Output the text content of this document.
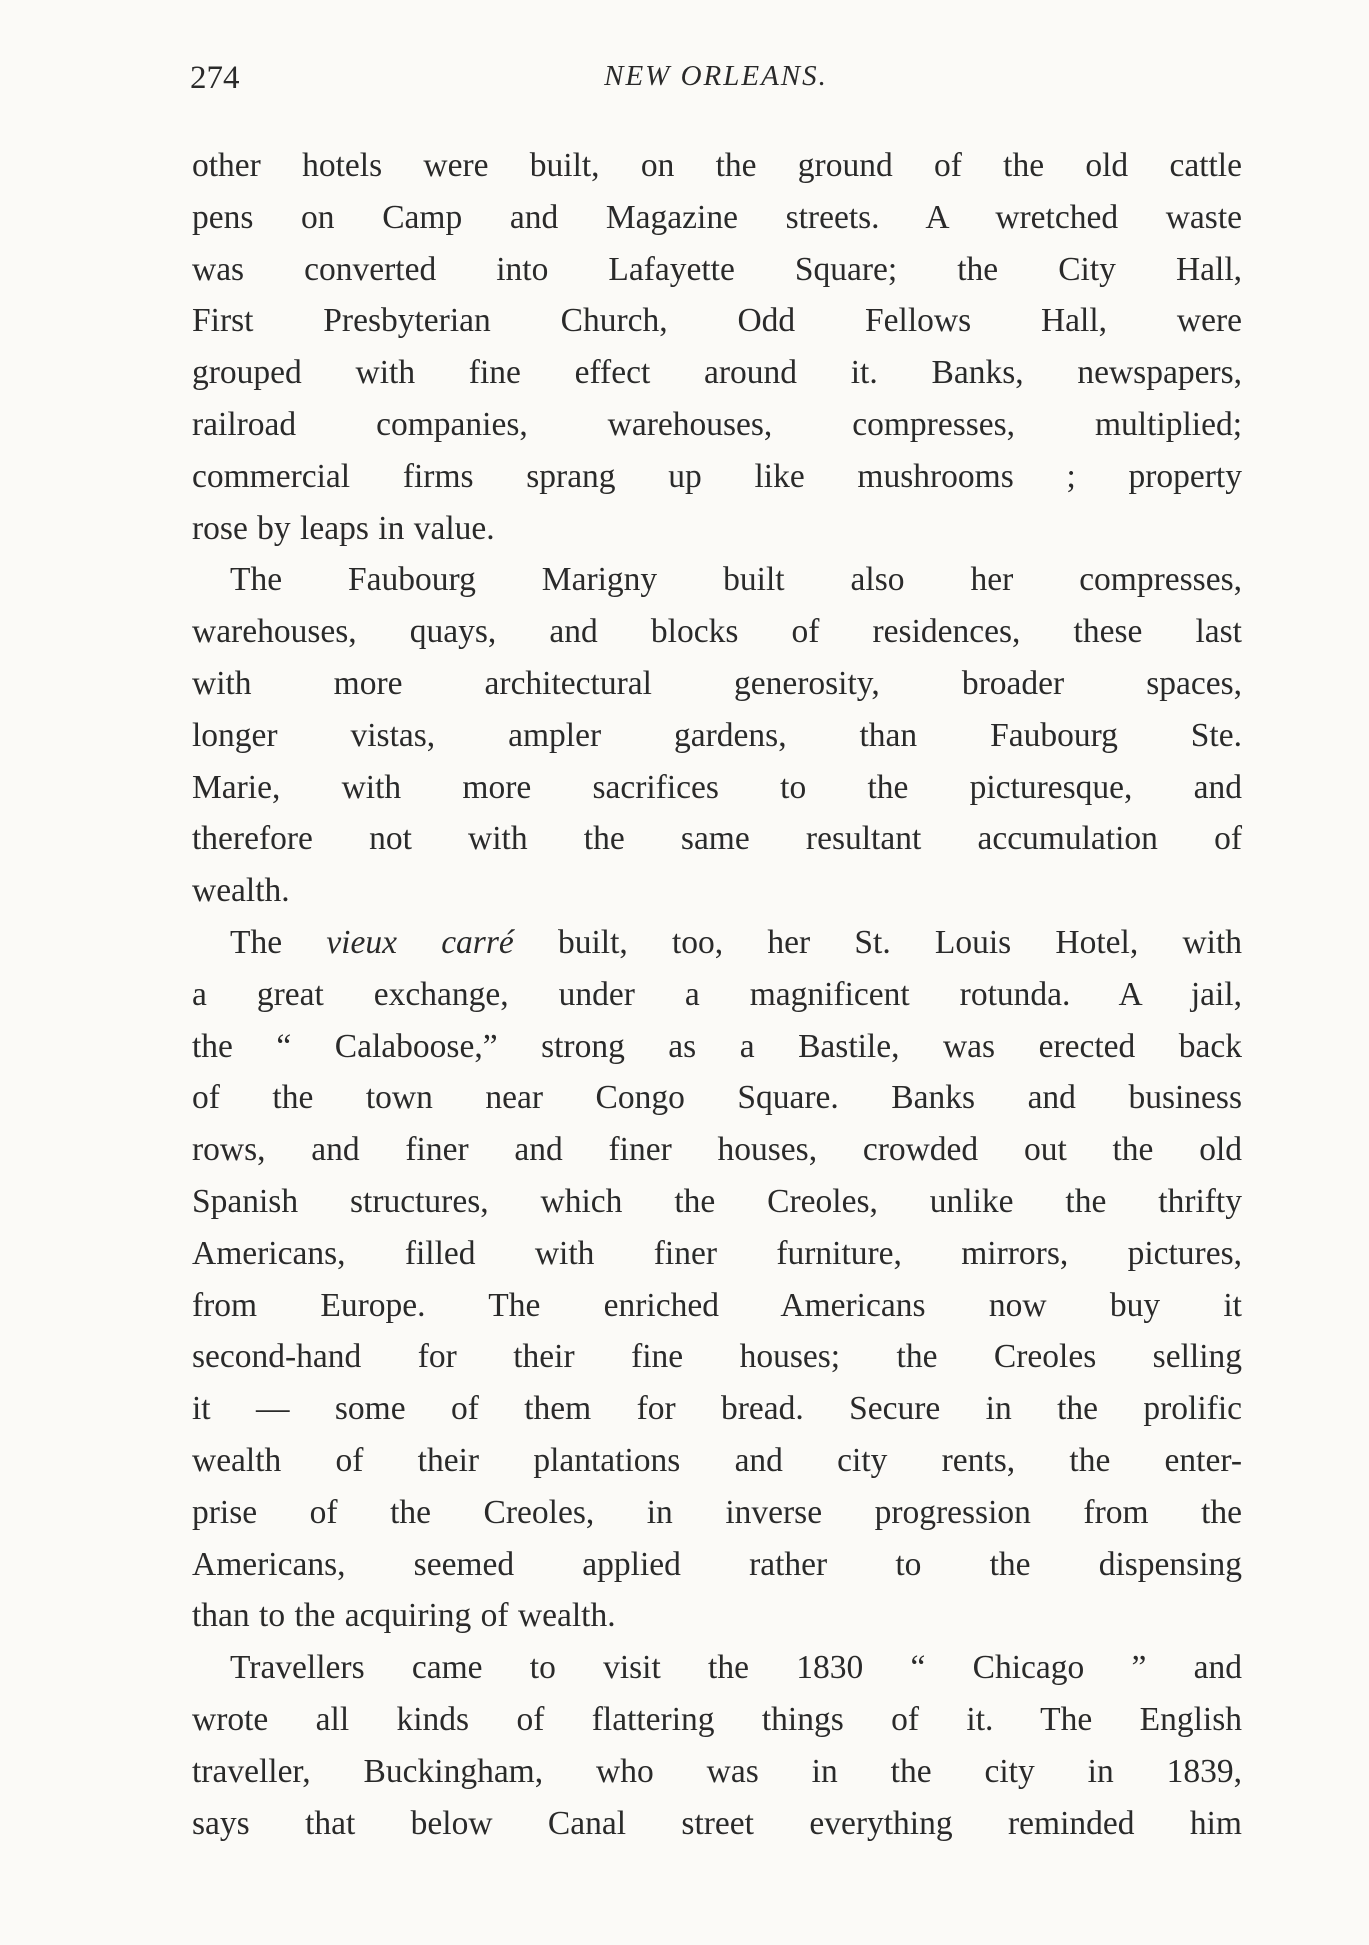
274	NEW ORLEANS.
other hotels were built, on the ground of the old cattle
pens on Camp and Magazine streets. A wretched waste
was converted into Lafayette Square; the City Hall,
First Presbyterian Church, Odd Fellows Hall, were
grouped with fine effect around it. Banks, newspapers,
railroad companies, warehouses, compresses, multiplied;
commercial firms sprang up like mushrooms ; property
rose by leaps in value.
The Faubourg Marigny built also her compresses,
warehouses, quays, and blocks of residences, these last
with more architectural generosity, broader spaces,
longer vistas, ampler gardens, than Faubourg Ste.
Marie, with more sacrifices to the picturesque, and
therefore not with the same resultant accumulation of
wealth.
The vieux carré built, too, her St. Louis Hotel, with
a great exchange, under a magnificent rotunda. A jail,
the “ Calaboose,” strong as a Bastile, was erected back
of the town near Congo Square. Banks and business
rows, and finer and finer houses, crowded out the old
Spanish structures, which the Creoles, unlike the thrifty
Americans, filled with finer furniture, mirrors, pictures,
from Europe. The enriched Americans now buy it
second-hand for their fine houses; the Creoles selling
it — some of them for bread. Secure in the prolific
wealth of their plantations and city rents, the enter-
prise of the Creoles, in inverse progression from the
Americans, seemed applied rather to the dispensing
than to the acquiring of wealth.
Travellers came to visit the 1830 “ Chicago ” and
wrote all kinds of flattering things of it. The English
traveller, Buckingham, who was in the city in 1839,
says that below Canal street everything reminded him
